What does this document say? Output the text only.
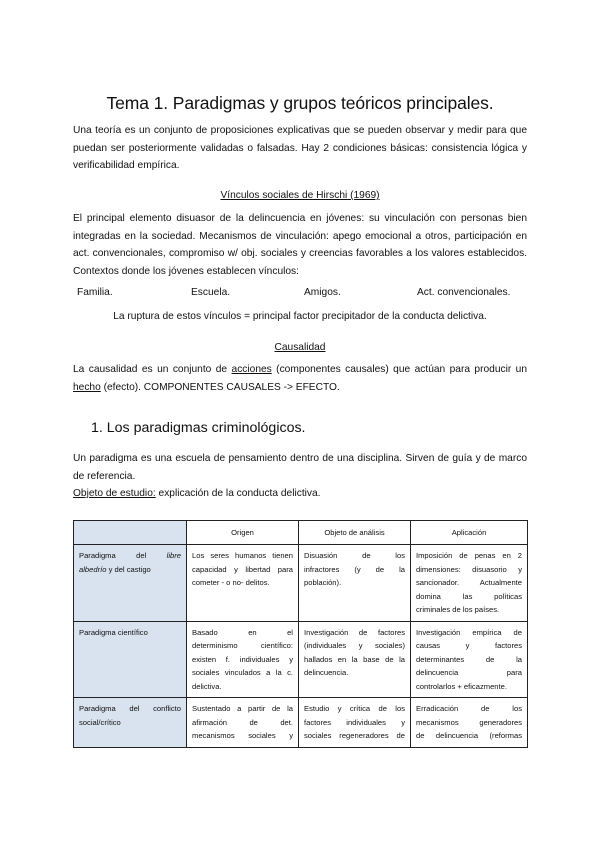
Tema 1. Paradigmas y grupos teóricos principales.
Una teoría es un conjunto de proposiciones explicativas que se pueden observar y medir para que
puedan ser posteriormente validadas o falsadas. Hay 2 condiciones básicas: consistencia lógica y
verificabilidad empírica.
Vínculos sociales de Hirschi (1969)
El principal elemento disuasor de la delincuencia en jóvenes: su vinculación con personas bien
integradas en la sociedad. Mecanismos de vinculación: apego emocional a otros, participación en
act. convencionales, compromiso w/ obj. sociales y creencias favorables a los valores establecidos.
Contextos donde los jóvenes establecen vínculos:
Familia.	Escuela.	Amigos.	Act. convencionales.
La ruptura de estos vínculos = principal factor precipitador de la conducta delictiva.
Causalidad
La causalidad es un conjunto de acciones (componentes causales) que actúan para producir un
hecho (efecto). COMPONENTES CAUSALES -> EFECTO.
1. Los paradigmas criminológicos.
Un paradigma es una escuela de pensamiento dentro de una disciplina. Sirven de guía y de marco
de referencia.
Objeto de estudio: explicación de la conducta delictiva.
	Origen	Objeto de análisis	Aplicación

Paradigma del libre
albedrío y del castigo	Los seres humanos tienen
capacidad y libertad para
cometer - o no- delitos.	Disuasión de los
infractores (y de la
población).	Imposición de penas en 2
dimensiones: disuasorio y
sancionador. Actualmente
domina las políticas
criminales de los países.

Paradigma científico	Basado en el
determinismo científico:
existen f. individuales y
sociales vinculados a la c.
delictiva.	Investigación de factores
(individuales y sociales)
hallados en la base de la
delincuencia.	Investigación empírica de
causas y factores
determinantes de la
delincuencia para
controlarlos + eficazmente.

Paradigma del conflicto
social/crítico	Sustentado a partir de la
afirmación de det.
mecanismos sociales y	Estudio y crítica de los
factores individuales y
sociales regeneradores de	Erradicación de los
mecanismos generadores
de delincuencia (reformas
